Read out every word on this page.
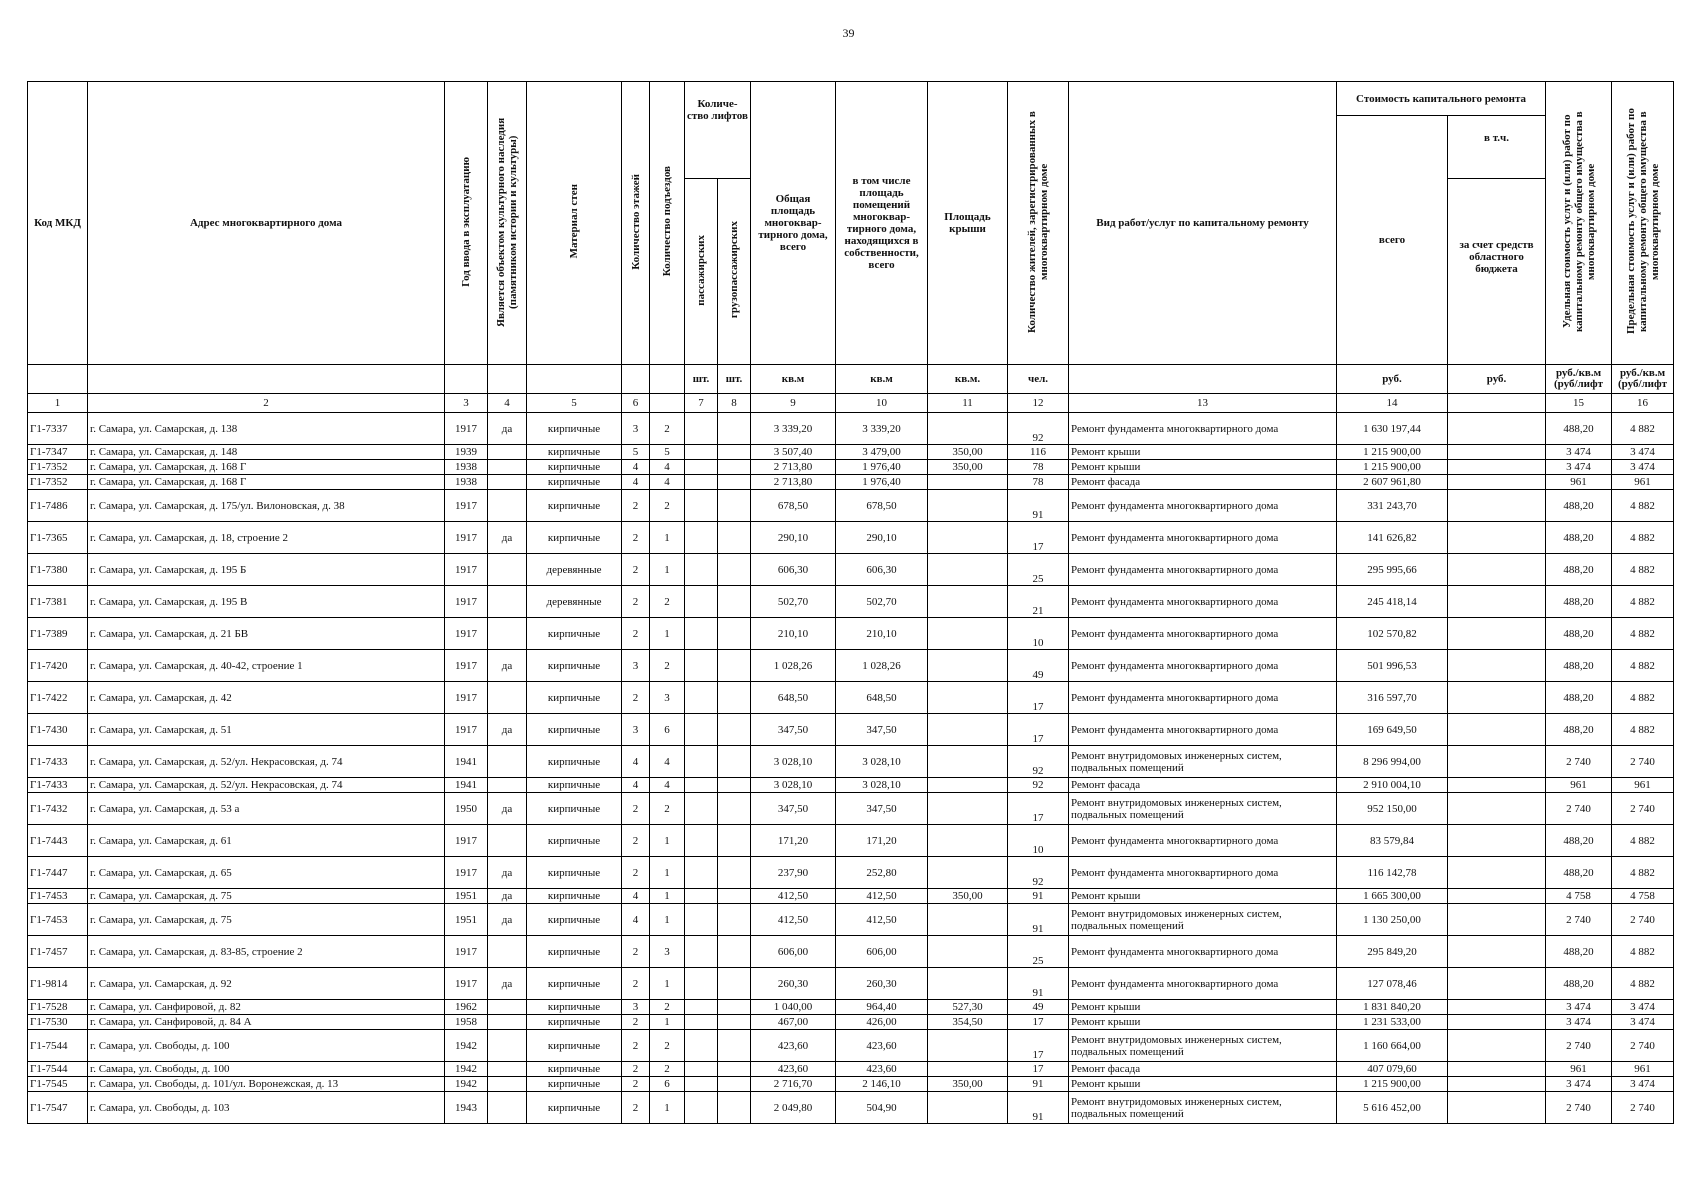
39
Код МКД	Адрес многоквартирного дома	Год ввода в эксплуатацию	Является объектом культурного наследия (памятником истории и культуры)	Материал стен	Количество этажей	Количество подъездов	Количе-ство лифтов		Общая площадь многоквар-тирного дома, всего	в том числе площадь помещений многоквар-тирного дома, находящихся в собственности, всего	Площадь крыши	Количество жителей, зарегистрированных в многоквартирном доме	Вид работ/услуг по капитальному ремонту	Стоимость капитального ремонта		Удельная стоимость услуг и (или) работ по капитальному ремонту общего имущества в многоквартирном доме	Предельная стоимость услуг и (или) работ по капитальному ремонту общего имущества в многоквартирном доме
														всего	в т.ч.		
							пассажирских	грузопассажирских							за счет средств областного бюджета		
							шт.	шт.	кв.м	кв.м	кв.м.	чел.		руб.	руб.	руб./кв.м (руб/лифт	руб./кв.м (руб/лифт
1	2	3	4	5	6		7	8	9	10	11	12	13	14		15	16
Г1-7337	г. Самара, ул. Самарская, д. 138	1917	да	кирпичные	3	2			3 339,20	3 339,20		92	Ремонт фундамента многоквартирного дома	1 630 197,44		488,20	4 882
Г1-7347	г. Самара, ул. Самарская, д. 148	1939		кирпичные	5	5			3 507,40	3 479,00	350,00	116	Ремонт крыши	1 215 900,00		3 474	3 474
Г1-7352	г. Самара, ул. Самарская, д. 168 Г	1938		кирпичные	4	4			2 713,80	1 976,40	350,00	78	Ремонт крыши	1 215 900,00		3 474	3 474
Г1-7352	г. Самара, ул. Самарская, д. 168 Г	1938		кирпичные	4	4			2 713,80	1 976,40		78	Ремонт фасада	2 607 961,80		961	961
Г1-7486	г. Самара, ул. Самарская, д. 175/ул. Вилоновская, д. 38	1917		кирпичные	2	2			678,50	678,50		91	Ремонт фундамента многоквартирного дома	331 243,70		488,20	4 882
Г1-7365	г. Самара, ул. Самарская, д. 18, строение 2	1917	да	кирпичные	2	1			290,10	290,10		17	Ремонт фундамента многоквартирного дома	141 626,82		488,20	4 882
Г1-7380	г. Самара, ул. Самарская, д. 195 Б	1917		деревянные	2	1			606,30	606,30		25	Ремонт фундамента многоквартирного дома	295 995,66		488,20	4 882
Г1-7381	г. Самара, ул. Самарская, д. 195 В	1917		деревянные	2	2			502,70	502,70		21	Ремонт фундамента многоквартирного дома	245 418,14		488,20	4 882
Г1-7389	г. Самара, ул. Самарская, д. 21 БВ	1917		кирпичные	2	1			210,10	210,10		10	Ремонт фундамента многоквартирного дома	102 570,82		488,20	4 882
Г1-7420	г. Самара, ул. Самарская, д. 40-42, строение 1	1917	да	кирпичные	3	2			1 028,26	1 028,26		49	Ремонт фундамента многоквартирного дома	501 996,53		488,20	4 882
Г1-7422	г. Самара, ул. Самарская, д. 42	1917		кирпичные	2	3			648,50	648,50		17	Ремонт фундамента многоквартирного дома	316 597,70		488,20	4 882
Г1-7430	г. Самара, ул. Самарская, д. 51	1917	да	кирпичные	3	6			347,50	347,50		17	Ремонт фундамента многоквартирного дома	169 649,50		488,20	4 882
Г1-7433	г. Самара, ул. Самарская, д. 52/ул. Некрасовская, д. 74	1941		кирпичные	4	4			3 028,10	3 028,10		92	Ремонт внутридомовых инженерных систем, подвальных помещений	8 296 994,00		2 740	2 740
Г1-7433	г. Самара, ул. Самарская, д. 52/ул. Некрасовская, д. 74	1941		кирпичные	4	4			3 028,10	3 028,10		92	Ремонт фасада	2 910 004,10		961	961
Г1-7432	г. Самара, ул. Самарская, д. 53 а	1950	да	кирпичные	2	2			347,50	347,50		17	Ремонт внутридомовых инженерных систем, подвальных помещений	952 150,00		2 740	2 740
Г1-7443	г. Самара, ул. Самарская, д. 61	1917		кирпичные	2	1			171,20	171,20		10	Ремонт фундамента многоквартирного дома	83 579,84		488,20	4 882
Г1-7447	г. Самара, ул. Самарская, д. 65	1917	да	кирпичные	2	1			237,90	252,80		92	Ремонт фундамента многоквартирного дома	116 142,78		488,20	4 882
Г1-7453	г. Самара, ул. Самарская, д. 75	1951	да	кирпичные	4	1			412,50	412,50	350,00	91	Ремонт крыши	1 665 300,00		4 758	4 758
Г1-7453	г. Самара, ул. Самарская, д. 75	1951	да	кирпичные	4	1			412,50	412,50		91	Ремонт внутридомовых инженерных систем, подвальных помещений	1 130 250,00		2 740	2 740
Г1-7457	г. Самара, ул. Самарская, д. 83-85, строение 2	1917		кирпичные	2	3			606,00	606,00		25	Ремонт фундамента многоквартирного дома	295 849,20		488,20	4 882
Г1-9814	г. Самара, ул. Самарская, д. 92	1917	да	кирпичные	2	1			260,30	260,30		91	Ремонт фундамента многоквартирного дома	127 078,46		488,20	4 882
Г1-7528	г. Самара, ул. Санфировой, д. 82	1962		кирпичные	3	2			1 040,00	964,40	527,30	49	Ремонт крыши	1 831 840,20		3 474	3 474
Г1-7530	г. Самара, ул. Санфировой, д. 84 А	1958		кирпичные	2	1			467,00	426,00	354,50	17	Ремонт крыши	1 231 533,00		3 474	3 474
Г1-7544	г. Самара, ул. Свободы, д. 100	1942		кирпичные	2	2			423,60	423,60		17	Ремонт внутридомовых инженерных систем, подвальных помещений	1 160 664,00		2 740	2 740
Г1-7544	г. Самара, ул. Свободы, д. 100	1942		кирпичные	2	2			423,60	423,60		17	Ремонт фасада	407 079,60		961	961
Г1-7545	г. Самара, ул. Свободы, д. 101/ул. Воронежская, д. 13	1942		кирпичные	2	6			2 716,70	2 146,10	350,00	91	Ремонт крыши	1 215 900,00		3 474	3 474
Г1-7547	г. Самара, ул. Свободы, д. 103	1943		кирпичные	2	1			2 049,80	504,90		91	Ремонт внутридомовых инженерных систем, подвальных помещений	5 616 452,00		2 740	2 740
